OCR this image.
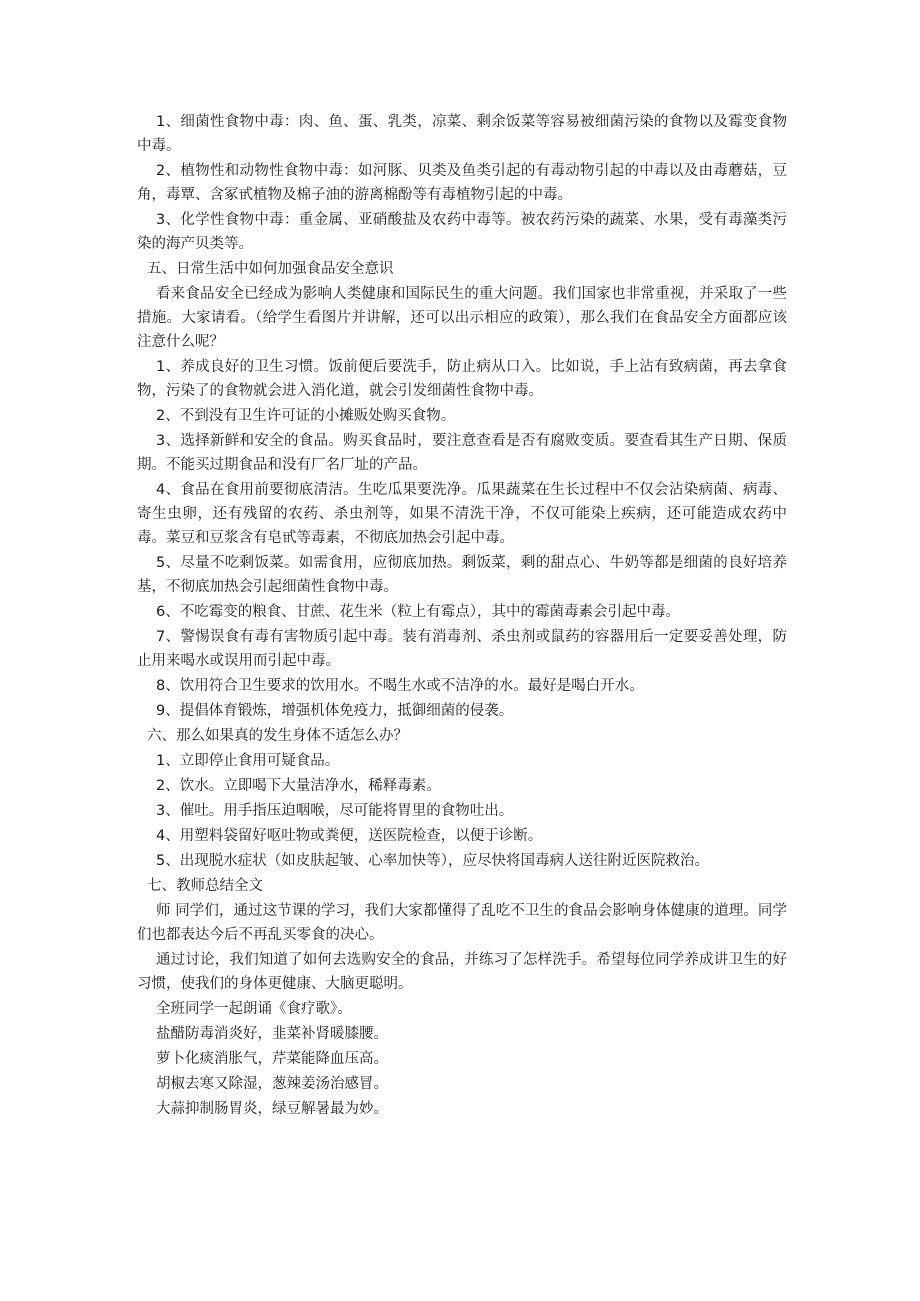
1、细菌性食物中毒：肉、鱼、蛋、乳类，凉菜、剩余饭菜等容易被细菌污染的食物以及霉变食物中毒。

2、植物性和动物性食物中毒：如河豚、贝类及鱼类引起的有毒动物引起的中毒以及由毒蘑菇，豆角，毒覃、含冢甙植物及棉子油的游离棉酚等有毒植物引起的中毒。

3、化学性食物中毒：重金属、亚硝酸盐及农药中毒等。被农药污染的蔬菜、水果，受有毒藻类污染的海产贝类等。

五、日常生活中如何加强食品安全意识

看来食品安全已经成为影响人类健康和国际民生的重大问题。我们国家也非常重视，并采取了一些措施。大家请看。（给学生看图片并讲解，还可以出示相应的政策），那么我们在食品安全方面都应该注意什么呢？

1、养成良好的卫生习惯。饭前便后要洗手，防止病从口入。比如说，手上沾有致病菌，再去拿食物，污染了的食物就会进入消化道，就会引发细菌性食物中毒。

2、不到没有卫生许可证的小摊贩处购买食物。

3、选择新鲜和安全的食品。购买食品时，要注意查看是否有腐败变质。要查看其生产日期、保质期。不能买过期食品和没有厂名厂址的产品。

4、食品在食用前要彻底清洁。生吃瓜果要洗净。瓜果蔬菜在生长过程中不仅会沾染病菌、病毒、寄生虫卵，还有残留的农药、杀虫剂等，如果不清洗干净，不仅可能染上疾病，还可能造成农药中毒。菜豆和豆浆含有皂甙等毒素，不彻底加热会引起中毒。

5、尽量不吃剩饭菜。如需食用，应彻底加热。剩饭菜，剩的甜点心、牛奶等都是细菌的良好培养基，不彻底加热会引起细菌性食物中毒。

6、不吃霉变的粮食、甘蔗、花生米（粒上有霉点），其中的霉菌毒素会引起中毒。

7、警惕误食有毒有害物质引起中毒。装有消毒剂、杀虫剂或鼠药的容器用后一定要妥善处理，防止用来喝水或误用而引起中毒。

8、饮用符合卫生要求的饮用水。不喝生水或不洁净的水。最好是喝白开水。

9、提倡体育锻炼，增强机体免疫力，抵御细菌的侵袭。

六、那么如果真的发生身体不适怎么办？

1、立即停止食用可疑食品。

2、饮水。立即喝下大量洁净水，稀释毒素。

3、催吐。用手指压迫咽喉，尽可能将胃里的食物吐出。

4、用塑料袋留好呕吐物或粪便，送医院检查，以便于诊断。

5、出现脱水症状（如皮肤起皱、心率加快等），应尽快将国毒病人送往附近医院救治。

七、教师总结全文

师 同学们，通过这节课的学习，我们大家都懂得了乱吃不卫生的食品会影响身体健康的道理。同学们也都表达今后不再乱买零食的决心。

通过讨论，我们知道了如何去选购安全的食品，并练习了怎样洗手。希望每位同学养成讲卫生的好习惯，使我们的身体更健康、大脑更聪明。

全班同学一起朗诵《食疗歌》。

盐醋防毒消炎好，韭菜补肾暖膝腰。

萝卜化痰消胀气，芹菜能降血压高。

胡椒去寒又除湿，葱辣姜汤治感冒。

大蒜抑制肠胃炎，绿豆解暑最为妙。
